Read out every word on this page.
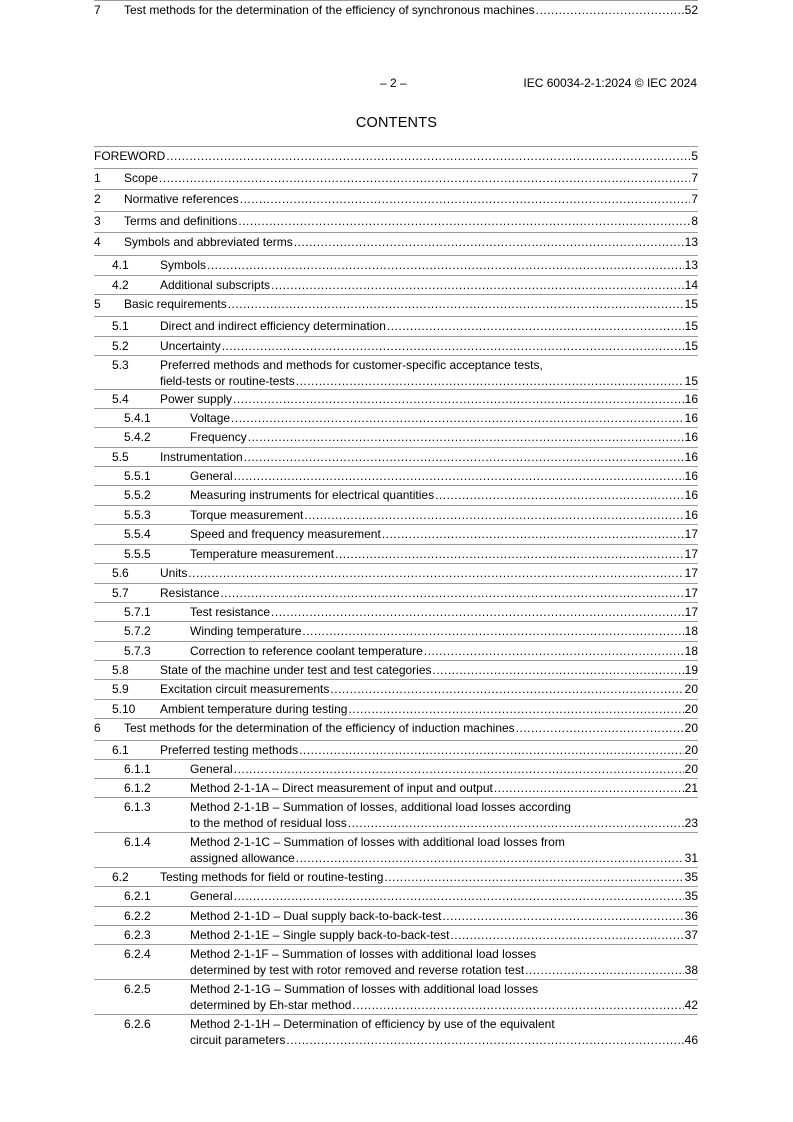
– 2 –	IEC 60034-2-1:2024 © IEC 2024
CONTENTS
FOREWORD .....	5
1 Scope .....	7
2 Normative references .....	7
3 Terms and definitions .....	8
4 Symbols and abbreviated terms .....	13
4.1	Symbols .....	13
4.2	Additional subscripts .....	14
5 Basic requirements .....	15
5.1	Direct and indirect efficiency determination .....	15
5.2	Uncertainty .....	15
5.3	Preferred methods and methods for customer-specific acceptance tests,
field-tests or routine-tests .....	15
5.4	Power supply .....	16
5.4.1	Voltage .....	16
5.4.2	Frequency .....	16
5.5	Instrumentation .....	16
5.5.1	General .....	16
5.5.2	Measuring instruments for electrical quantities .....	16
5.5.3	Torque measurement .....	16
5.5.4	Speed and frequency measurement .....	17
5.5.5	Temperature measurement .....	17
5.6	Units .....	17
5.7	Resistance .....	17
5.7.1	Test resistance .....	17
5.7.2	Winding temperature .....	18
5.7.3	Correction to reference coolant temperature .....	18
5.8	State of the machine under test and test categories .....	19
5.9	Excitation circuit measurements .....	20
5.10 Ambient temperature during testing .....	20
6 Test methods for the determination of the efficiency of induction machines .....	20
6.1	Preferred testing methods .....	20
6.1.1	General .....	20
6.1.2	Method 2-1-1A – Direct measurement of input and output .....	21
6.1.3	Method 2-1-1B – Summation of losses, additional load losses according
to the method of residual loss .....	23
6.1.4	Method 2-1-1C – Summation of losses with additional load losses from
assigned allowance .....	31
6.2	Testing methods for field or routine-testing .....	35
6.2.1	General .....	35
6.2.2	Method 2-1-1D – Dual supply back-to-back-test .....	36
6.2.3	Method 2-1-1E – Single supply back-to-back-test .....	37
6.2.4	Method 2-1-1F – Summation of losses with additional load losses
determined by test with rotor removed and reverse rotation test .....	38
6.2.5	Method 2-1-1G – Summation of losses with additional load losses
determined by Eh-star method .....	42
6.2.6	Method 2-1-1H – Determination of efficiency by use of the equivalent
circuit parameters .....	46
7 Test methods for the determination of the efficiency of synchronous machines .....	52
